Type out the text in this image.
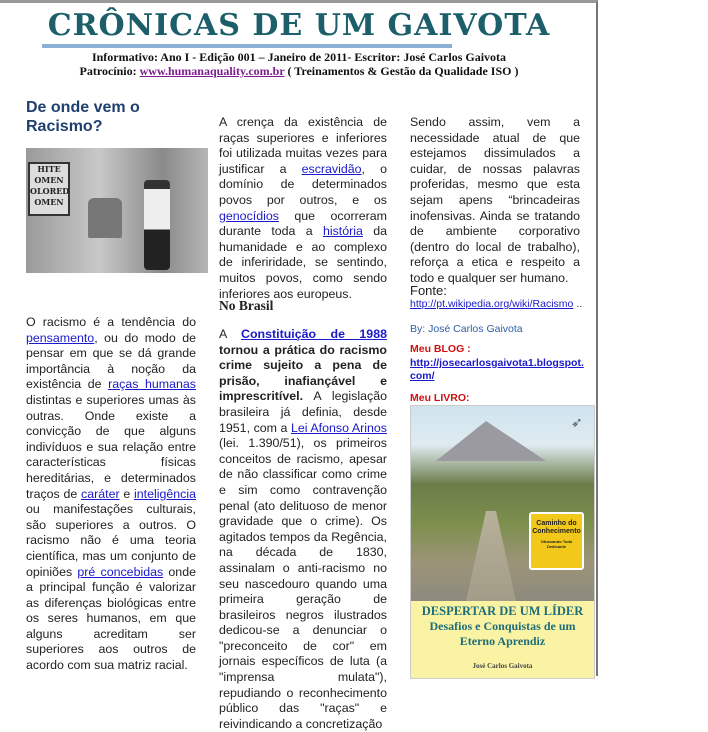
CRÔNICAS DE UM GAIVOTA
Informativo: Ano I - Edição 001 – Janeiro de 2011- Escritor: José Carlos Gaivota
Patrocínio: www.humanaquality.com.br ( Treinamentos & Gestão da Qualidade ISO )
De onde vem o Racismo?
HITE OMEN OLORED OMEN
O racismo é a tendência do pensamento, ou do modo de pensar em que se dá grande importância à noção da existência de raças humanas distintas e superiores umas às outras. Onde existe a convicção de que alguns indivíduos e sua relação entre características físicas hereditárias, e determinados traços de caráter e inteligência ou manifestações culturais, são superiores a outros. O racismo não é uma teoria científica, mas um conjunto de opiniões pré concebidas onde a principal função é valorizar as diferenças biológicas entre os seres humanos, em que alguns acreditam ser superiores aos outros de acordo com sua matriz racial.
A crença da existência de raças superiores e inferiores foi utilizada muitas vezes para justificar a escravidão, o domínio de determinados povos por outros, e os genocídios que ocorreram durante toda a história da humanidade e ao complexo de inferiridade, se sentindo, muitos povos, como sendo inferiores aos europeus.
No Brasil
A Constituição de 1988 tornou a prática do racismo crime sujeito a pena de prisão, inafiançável e imprescritível. A legislação brasileira já definia, desde 1951, com a Lei Afonso Arinos (lei. 1.390/51), os primeiros conceitos de racismo, apesar de não classificar como crime e sim como contravenção penal (ato delituoso de menor gravidade que o crime). Os agitados tempos da Regência, na década de 1830, assinalam o anti-racismo no seu nascedouro quando uma primeira geração de brasileiros negros ilustrados dedicou-se a denunciar o "preconceito de cor" em jornais específicos de luta (a "imprensa mulata"), repudiando o reconhecimento público das "raças" e reivindicando a concretização
Sendo assim, vem a necessidade atual de que estejamos dissimulados a cuidar, de nossas palavras proferidas, mesmo que esta sejam apens “brincadeiras inofensivas. Ainda se tratando de ambiente corporativo (dentro do local de trabalho), reforça a etica e respeito a todo e qualquer ser humano.
Fonte:
http://pt.wikipedia.org/wiki/Racismo ..
By: José Carlos Gaivota
Meu BLOG :
http://josecarlosgaivota1.blogspot.com/
Meu LIVRO:
➶
Caminho do Conhecimento
Ofuscando Todo Dedicante
DESPERTAR DE UM LÍDER
Desafios e Conquistas de um Eterno Aprendiz
José Carlos Gaivota
